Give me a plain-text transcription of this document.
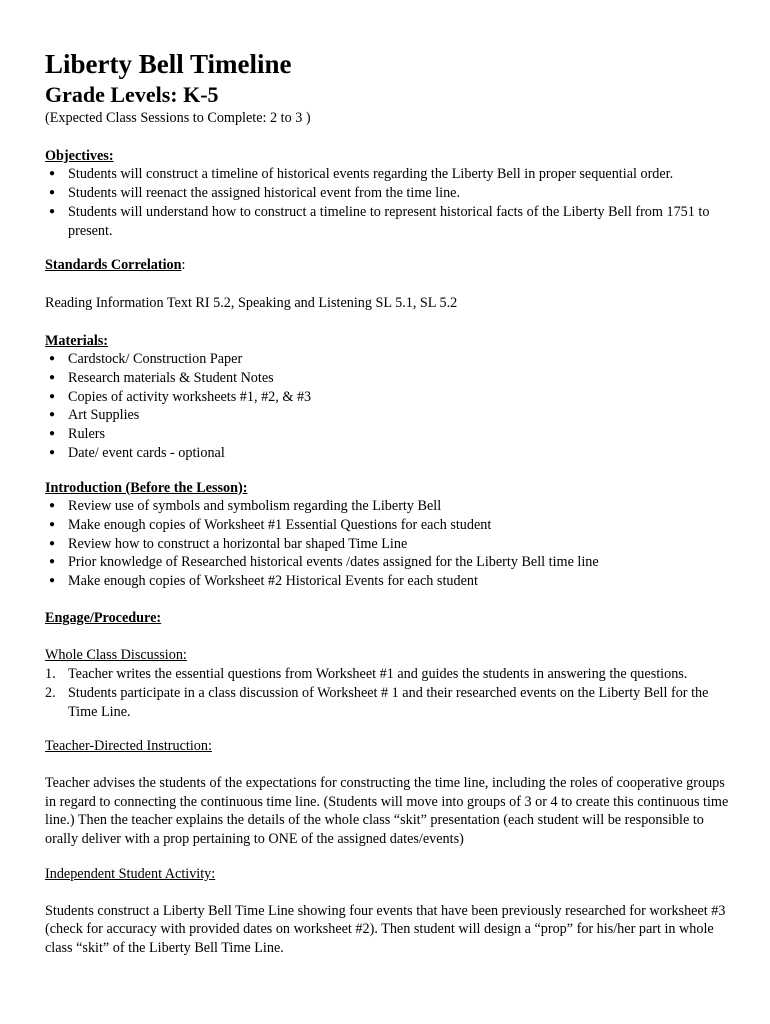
Liberty Bell Timeline
Grade Levels: K-5
(Expected Class Sessions to Complete: 2 to 3 )
Objectives:
● Students will construct a timeline of historical events regarding the Liberty Bell in proper sequential order.
● Students will reenact the assigned historical event from the time line.
● Students will understand how to construct a timeline to represent historical facts of the Liberty Bell from 1751 to present.
Standards Correlation:

Reading Information Text RI 5.2, Speaking and Listening SL 5.1, SL 5.2

Materials:
● Cardstock/ Construction Paper
● Research materials & Student Notes
● Copies of activity worksheets #1, #2, & #3
● Art Supplies
● Rulers
● Date/ event cards - optional
Introduction (Before the Lesson):
● Review use of symbols and symbolism regarding the Liberty Bell
● Make enough copies of Worksheet #1 Essential Questions for each student
● Review how to construct a horizontal bar shaped Time Line
● Prior knowledge of Researched historical events /dates assigned for the Liberty Bell time line
● Make enough copies of Worksheet #2 Historical Events for each student
Engage/Procedure:
Whole Class Discussion:
1. Teacher writes the essential questions from Worksheet #1 and guides the students in answering the questions.
2. Students participate in a class discussion of Worksheet # 1 and their researched events on the Liberty Bell for the Time Line.
Teacher-Directed Instruction:

Teacher advises the students of the expectations for constructing the time line, including the roles of cooperative groups in regard to connecting the continuous time line. (Students will move into groups of 3 or 4 to create this continuous time line.) Then the teacher explains the details of the whole class “skit” presentation (each student will be responsible to orally deliver with a prop pertaining to ONE of the assigned dates/events)

Independent Student Activity:

Students construct a Liberty Bell Time Line showing four events that have been previously researched for worksheet #3 (check for accuracy with provided dates on worksheet #2). Then student will design a “prop” for his/her part in whole class “skit” of the Liberty Bell Time Line.
